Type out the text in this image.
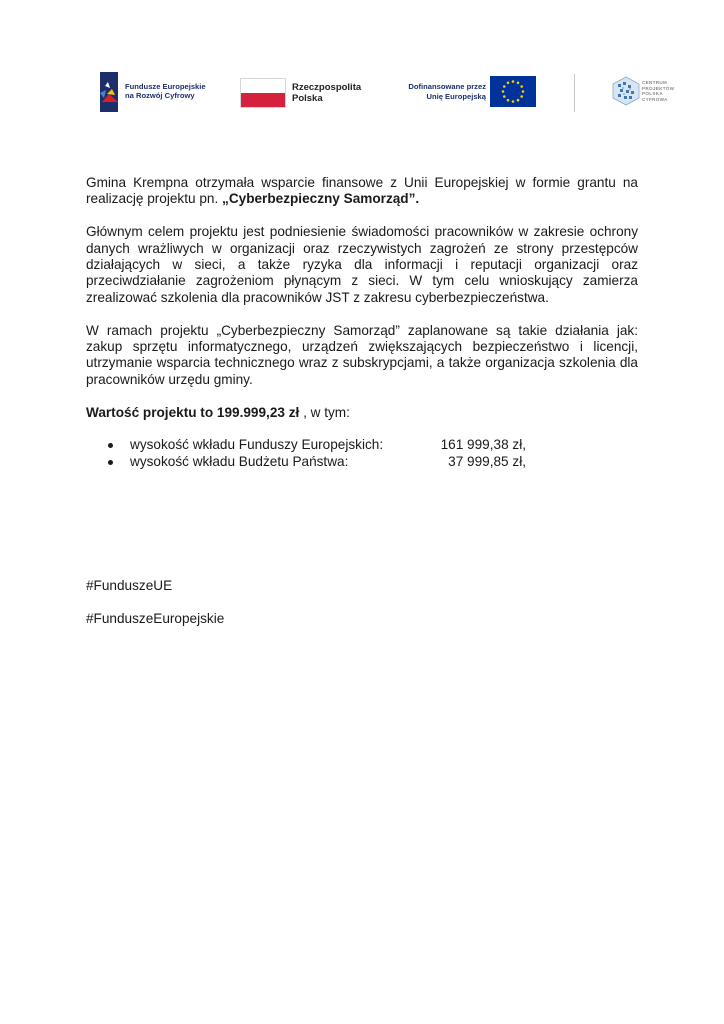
Fundusze Europejskie
na Rozwój Cyfrowy
Rzeczpospolita
Polska
Dofinansowane przez
Unię Europejską
CENTRUM
PROJEKTÓW
POLSKA
CYFROWA

Gmina Krempna otrzymała wsparcie finansowe z Unii Europejskiej w formie grantu na realizację projektu pn. „Cyberbezpieczny Samorząd”.

Głównym celem projektu jest podniesienie świadomości pracowników w zakresie ochrony danych wrażliwych w organizacji oraz rzeczywistych zagrożeń ze strony przestępców działających w sieci, a także ryzyka dla informacji i reputacji organizacji oraz przeciwdziałanie zagrożeniom płynącym z sieci. W tym celu wnioskujący zamierza zrealizować szkolenia dla pracowników JST z zakresu cyberbezpieczeństwa.

W ramach projektu „Cyberbezpieczny Samorząd” zaplanowane są takie działania jak: zakup sprzętu informatycznego, urządzeń zwiększających bezpieczeństwo i licencji, utrzymanie wsparcia technicznego wraz z subskrypcjami, a także organizacja szkolenia dla pracowników urzędu gminy.

Wartość projektu to 199.999,23 zł , w tym:

wysokość wkładu Funduszy Europejskich:	161 999,38 zł,
wysokość wkładu Budżetu Państwa:	37 999,85 zł,
#FunduszeUE
#FunduszeEuropejskie
